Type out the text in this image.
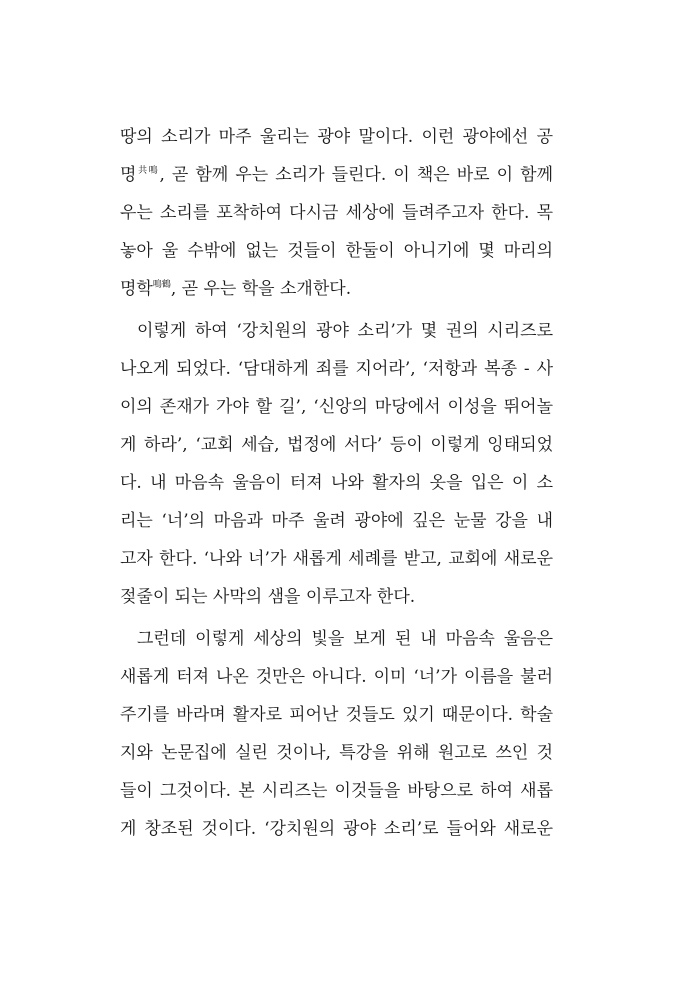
땅의 소리가 마주 울리는 광야 말이다. 이런 광야에선 공
명$^{共鳴}$, 곧 함께 우는 소리가 들린다. 이 책은 바로 이 함께
우는 소리를 포착하여 다시금 세상에 들려주고자 한다. 목
놓아 울 수밖에 없는 것들이 한둘이 아니기에 몇 마리의
명학$^{鳴鶴}$, 곧 우는 학을 소개한다.
이렇게 하여 ‘강치원의 광야 소리’가 몇 권의 시리즈로
나오게 되었다. ‘담대하게 죄를 지어라’, ‘저항과 복종 - 사
이의 존재가 가야 할 길’, ‘신앙의 마당에서 이성을 뛰어놀
게 하라’, ‘교회 세습, 법정에 서다’ 등이 이렇게 잉태되었
다. 내 마음속 울음이 터져 나와 활자의 옷을 입은 이 소
리는 ‘너’의 마음과 마주 울려 광야에 깊은 눈물 강을 내
고자 한다. ‘나와 너’가 새롭게 세례를 받고, 교회에 새로운
젖줄이 되는 사막의 샘을 이루고자 한다.
그런데 이렇게 세상의 빛을 보게 된 내 마음속 울음은
새롭게 터져 나온 것만은 아니다. 이미 ‘너’가 이름을 불러
주기를 바라며 활자로 피어난 것들도 있기 때문이다. 학술
지와 논문집에 실린 것이나, 특강을 위해 원고로 쓰인 것
들이 그것이다. 본 시리즈는 이것들을 바탕으로 하여 새롭
게 창조된 것이다. ‘강치원의 광야 소리’로 들어와 새로운
